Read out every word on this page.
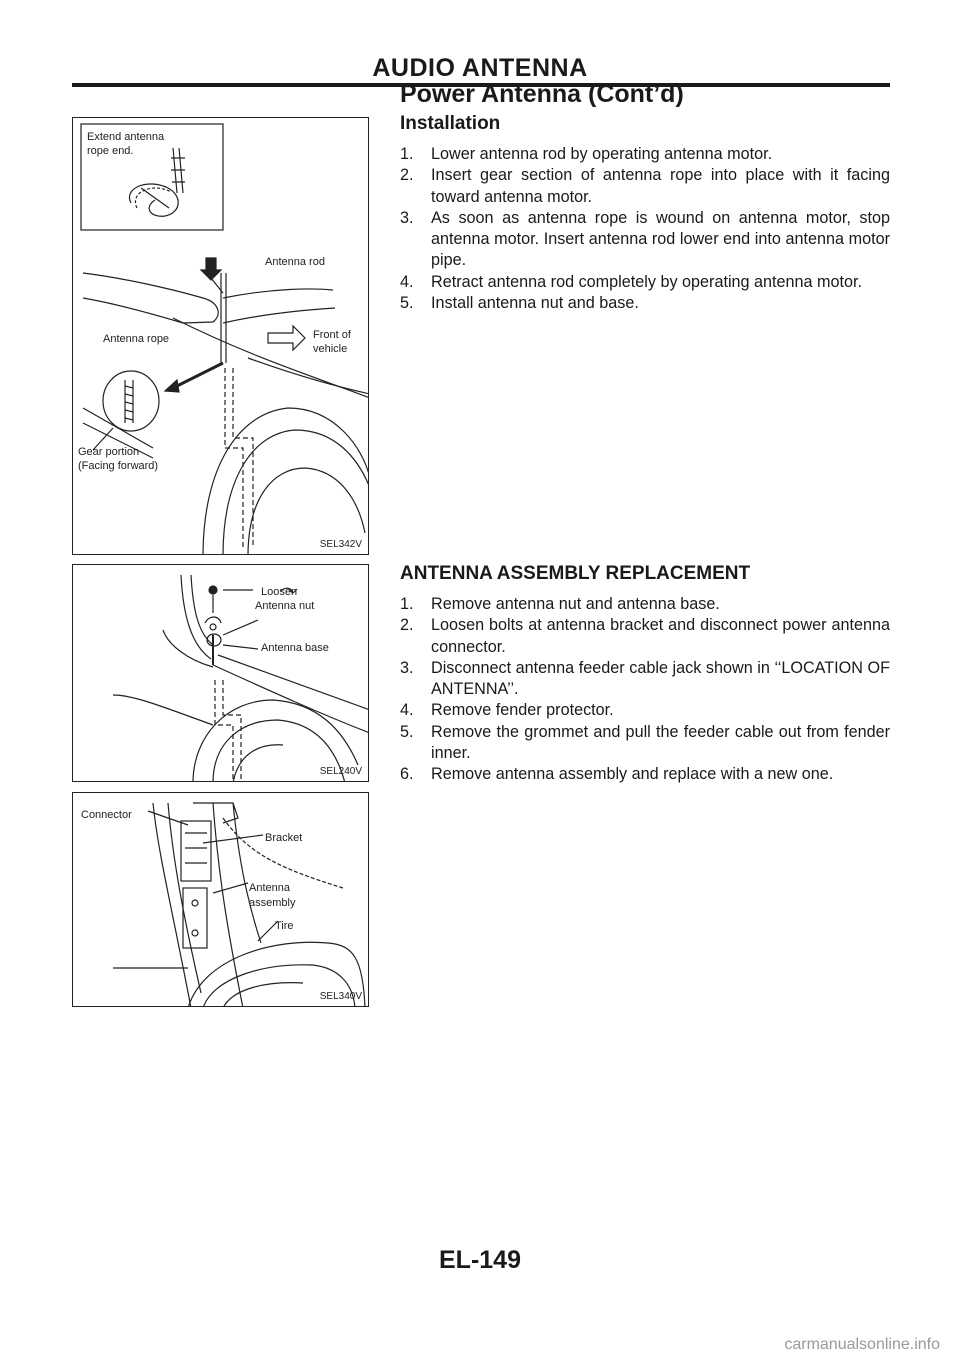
AUDIO ANTENNA
Power Antenna (Cont’d)
Extend antenna
rope end.
Antenna rod
Front of
vehicle
Antenna rope
Gear portion
(Facing forward)
SEL342V
Loosen
Antenna nut
Antenna base
SEL240V
Connector
Bracket
Antenna
assembly
Tire
SEL340V
Installation
1. Lower antenna rod by operating antenna motor.
2. Insert gear section of antenna rope into place with it facing toward antenna motor.
3. As soon as antenna rope is wound on antenna motor, stop antenna motor. Insert antenna rod lower end into antenna motor pipe.
4. Retract antenna rod completely by operating antenna motor.
5. Install antenna nut and base.
ANTENNA ASSEMBLY REPLACEMENT
1. Remove antenna nut and antenna base.
2. Loosen bolts at antenna bracket and disconnect power antenna connector.
3. Disconnect antenna feeder cable jack shown in ‘‘LOCATION OF ANTENNA’’.
4. Remove fender protector.
5. Remove the grommet and pull the feeder cable out from fender inner.
6. Remove antenna assembly and replace with a new one.
EL-149
carmanualsonline.info
